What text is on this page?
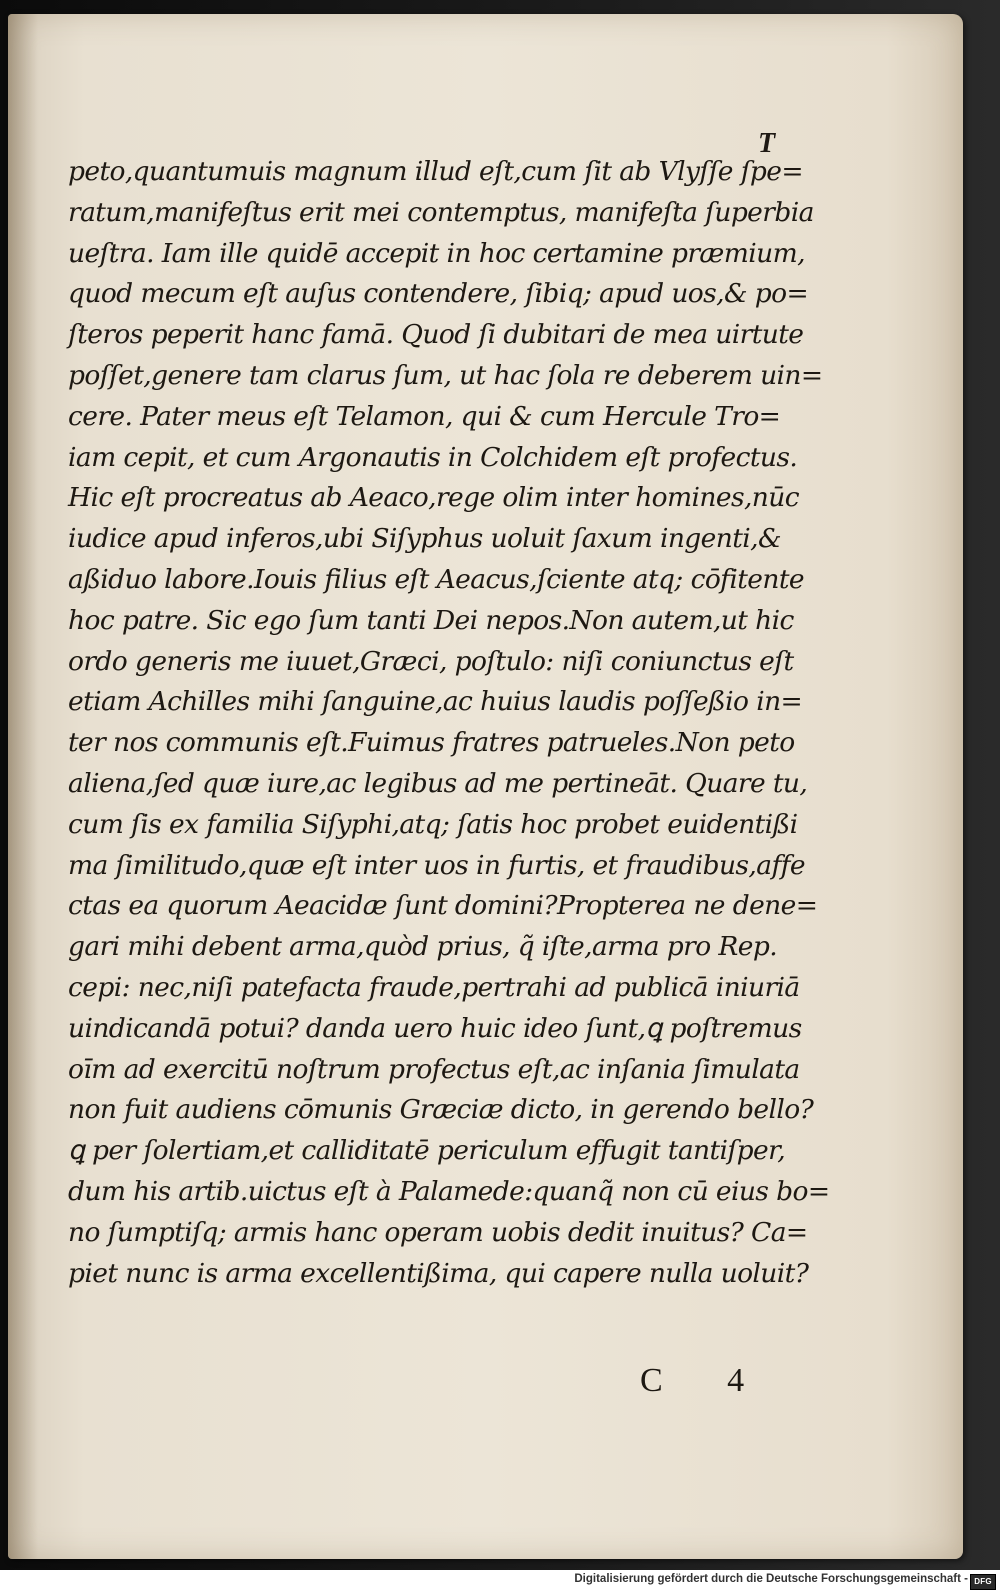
T
peto,quantumuis magnum illud eſt,cum ſit ab Vlyſſe ſpe=
ratum,manifeſtus erit mei contemptus, manifeſta ſuperbia
ueſtra. Iam ille quidē accepit in hoc certamine præmium,
quod mecum eſt auſus contendere, ſibiq; apud uos,& po=
ſteros peperit hanc famā. Quod ſi dubitari de mea uirtute
poſſet,genere tam clarus ſum, ut hac ſola re deberem uin=
cere. Pater meus eſt Telamon, qui & cum Hercule Tro=
iam cepit, et cum Argonautis in Colchidem eſt profectus.
Hic eſt procreatus ab Aeaco,rege olim inter homines,nūc
iudice apud inferos,ubi Siſyphus uoluit ſaxum ingenti,&
aßiduo labore.Iouis filius eſt Aeacus,ſciente atq; cōfitente
hoc patre. Sic ego ſum tanti Dei nepos.Non autem,ut hic
ordo generis me iuuet,Græci, poſtulo: niſi coniunctus eſt
etiam Achilles mihi ſanguine,ac huius laudis poſſeßio in=
ter nos communis eſt.Fuimus fratres patrueles.Non peto
aliena,ſed quæ iure,ac legibus ad me pertineāt. Quare tu,
cum ſis ex familia Siſyphi,atq; ſatis hoc probet euidentißi
ma ſimilitudo,quæ eſt inter uos in furtis, et fraudibus,affe
ctas ea quorum Aeacidæ ſunt domini?Propterea ne dene=
gari mihi debent arma,quòd prius, q̃ iſte,arma pro Rep.
cepi: nec,niſi patefacta fraude,pertrahi ad publicā iniuriā
uindicandā potui? danda uero huic ideo ſunt,ꝗ poſtremus
oīm ad exercitū noſtrum profectus eſt,ac inſania ſimulata
non fuit audiens cōmunis Græciæ dicto, in gerendo bello?
ꝗ per ſolertiam,et calliditatē periculum effugit tantiſper,
dum his artib.uictus eſt à Palamede:quanq̃ non cū eius bo=
no ſumptiſq; armis hanc operam uobis dedit inuitus? Ca=
piet nunc is arma excellentißima, qui capere nulla uoluit?
C 4
Digitalisierung gefördert durch die Deutsche Forschungsgemeinschaft - DFG
